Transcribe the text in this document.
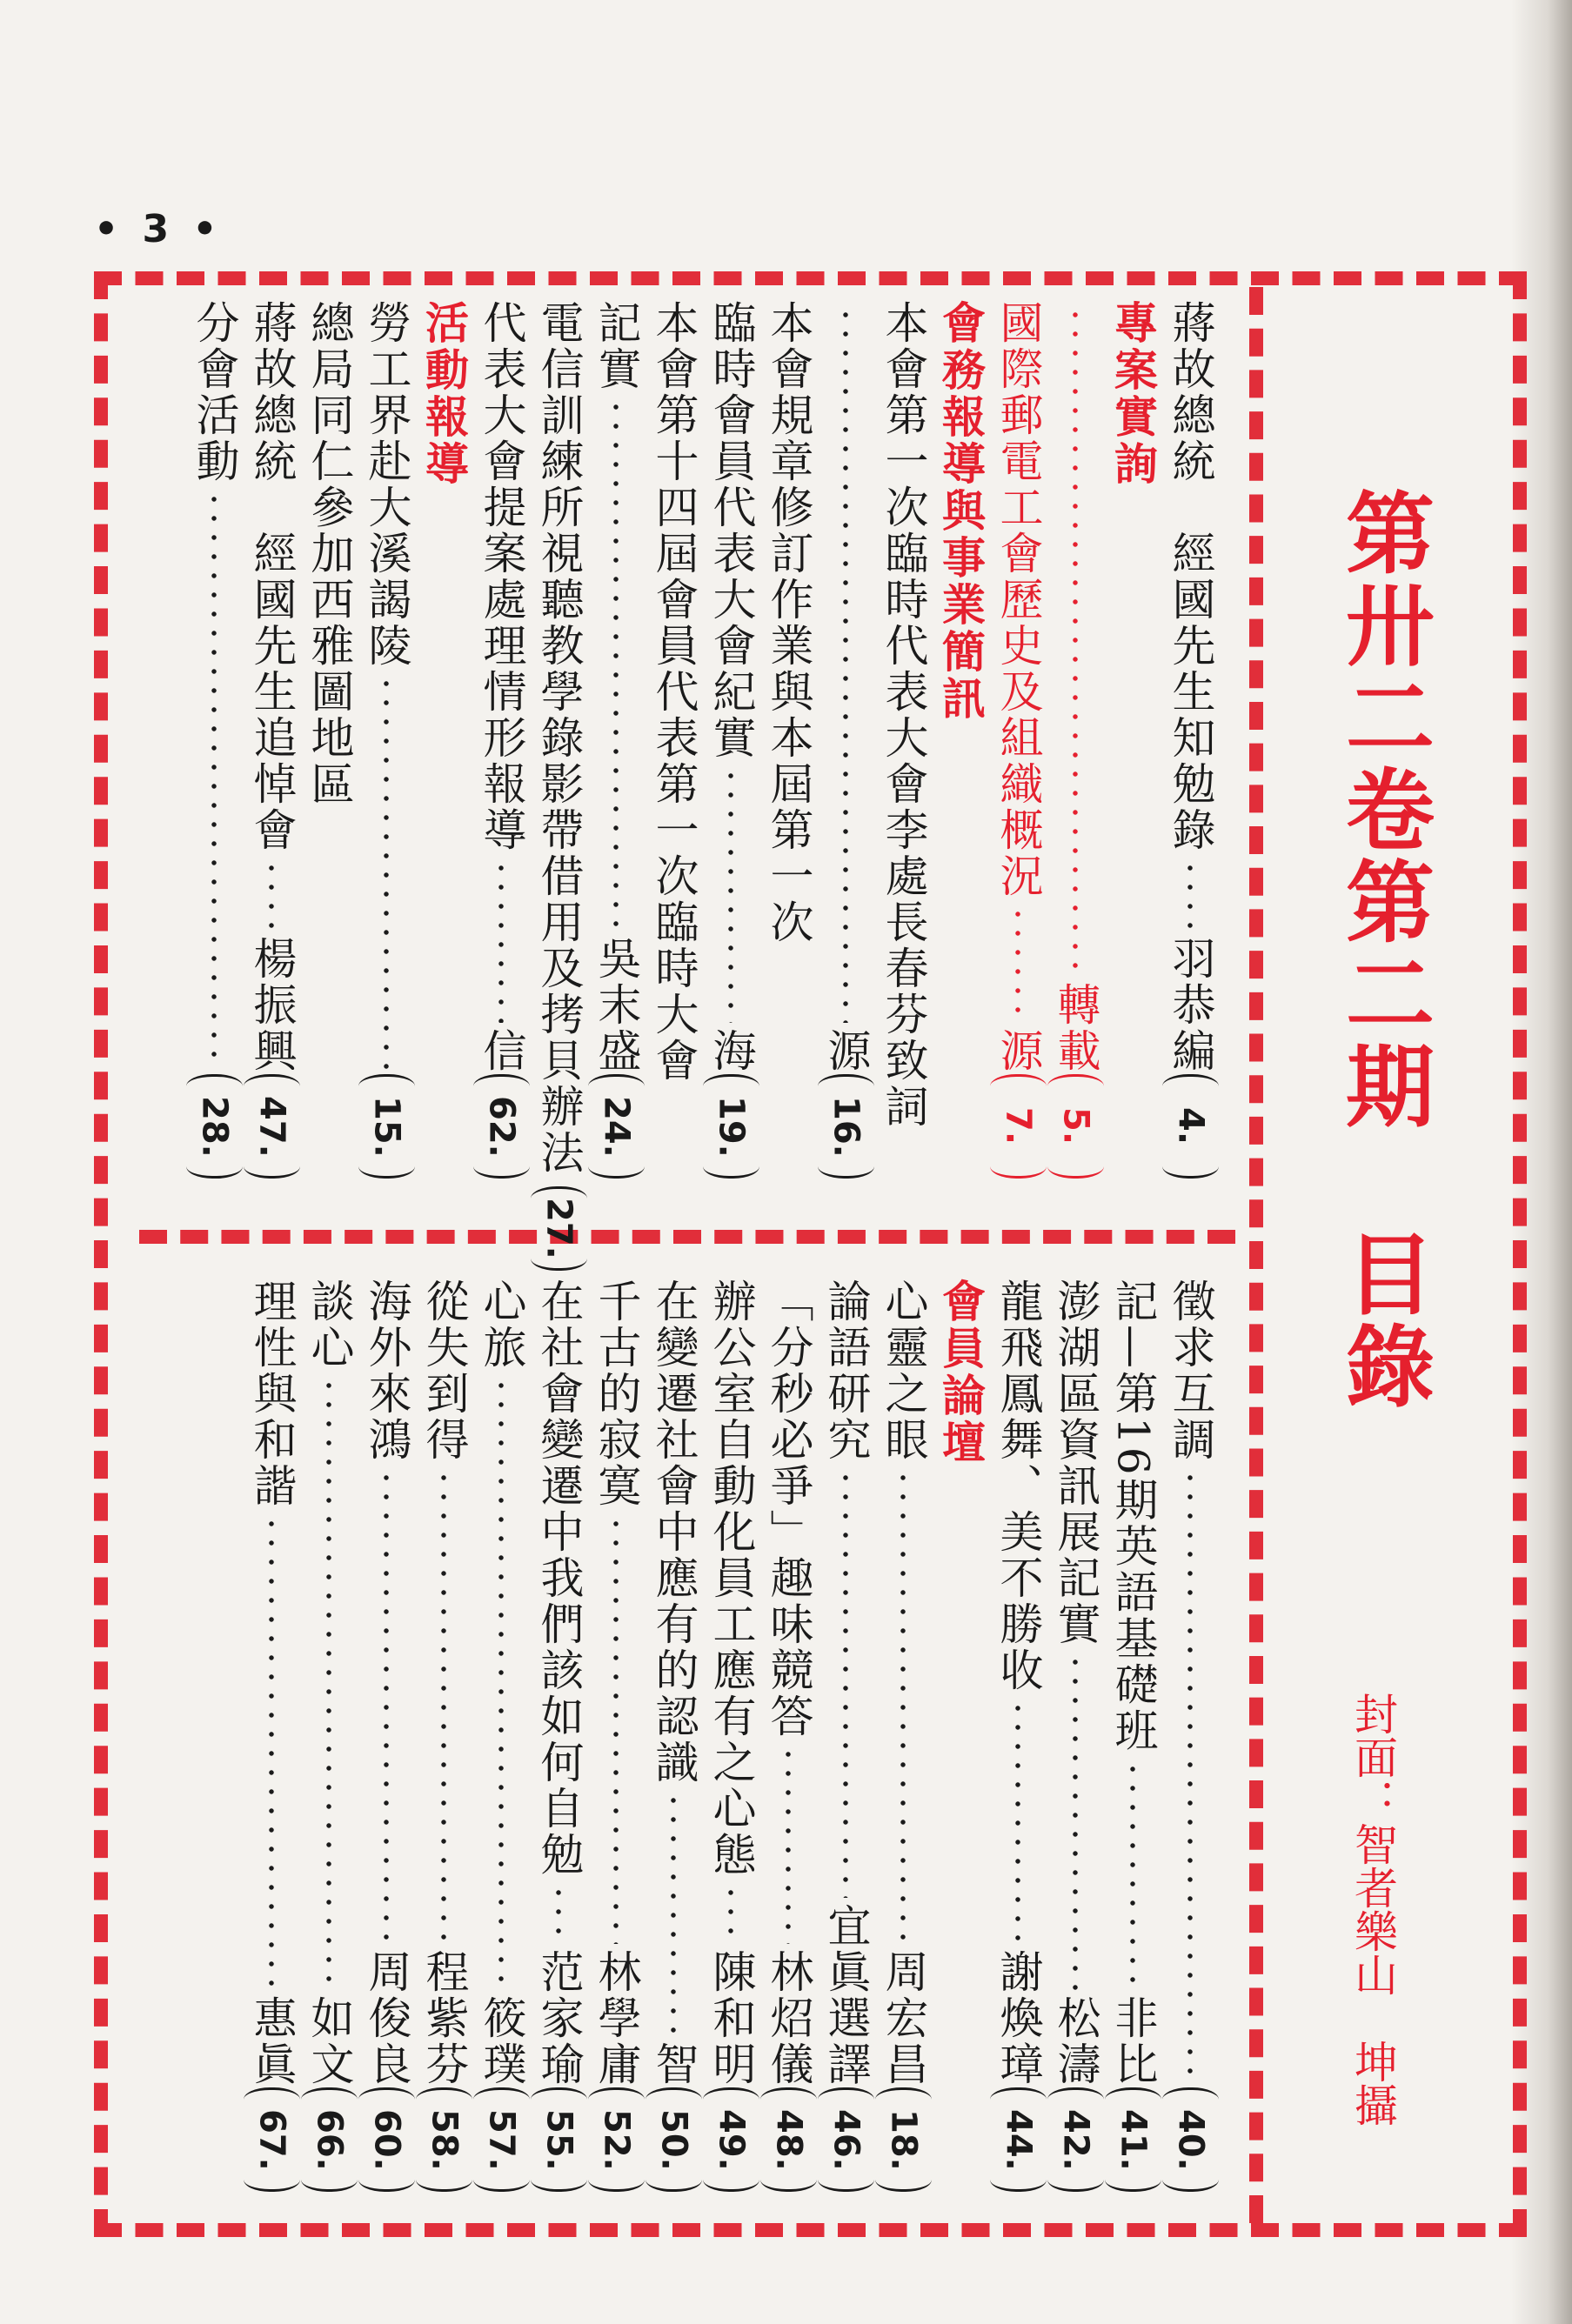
• 3 •
第卅二卷第二期目錄
封面：智者樂山　坤攝
蔣故總統　經國先生知勉錄
羽恭編
4.
專案實詢
轉載
5.
國際郵電工會歷史及組織概況
源
7.
會務報導與事業簡訊
本會第一次臨時代表大會李處長春芬致詞
源
16.
本會規章修訂作業與本屆第一次
臨時會員代表大會紀實
海
19.
本會第十四屆會員代表第一次臨時大會
記實
吳末盛
24.
電信訓練所視聽教學錄影帶借用及拷貝辦法
27.
代表大會提案處理情形報導
信
62.
活動報導
勞工界赴大溪謁陵
15.
總局同仁參加西雅圖地區
蔣故總統　經國先生追悼會
楊振興
47.
分會活動
28.
徵求互調
40.
記—第16期英語基礎班
非比
41.
澎湖區資訊展記實
松濤
42.
龍飛鳳舞、美不勝收
謝煥璋
44.
會員論壇
心靈之眼
周宏昌
18.
論語研究
宜眞選譯
46.
「分秒必爭」趣味競答
林炤儀
48.
辦公室自動化員工應有之心態
陳和明
49.
在變遷社會中應有的認識
智
50.
千古的寂寞
林學庸
52.
在社會變遷中我們該如何自勉
范家瑜
55.
心旅
筱璞
57.
從失到得
程紫芬
58.
海外來鴻
周俊良
60.
談心
如文
66.
理性與和諧
惠眞
67.
